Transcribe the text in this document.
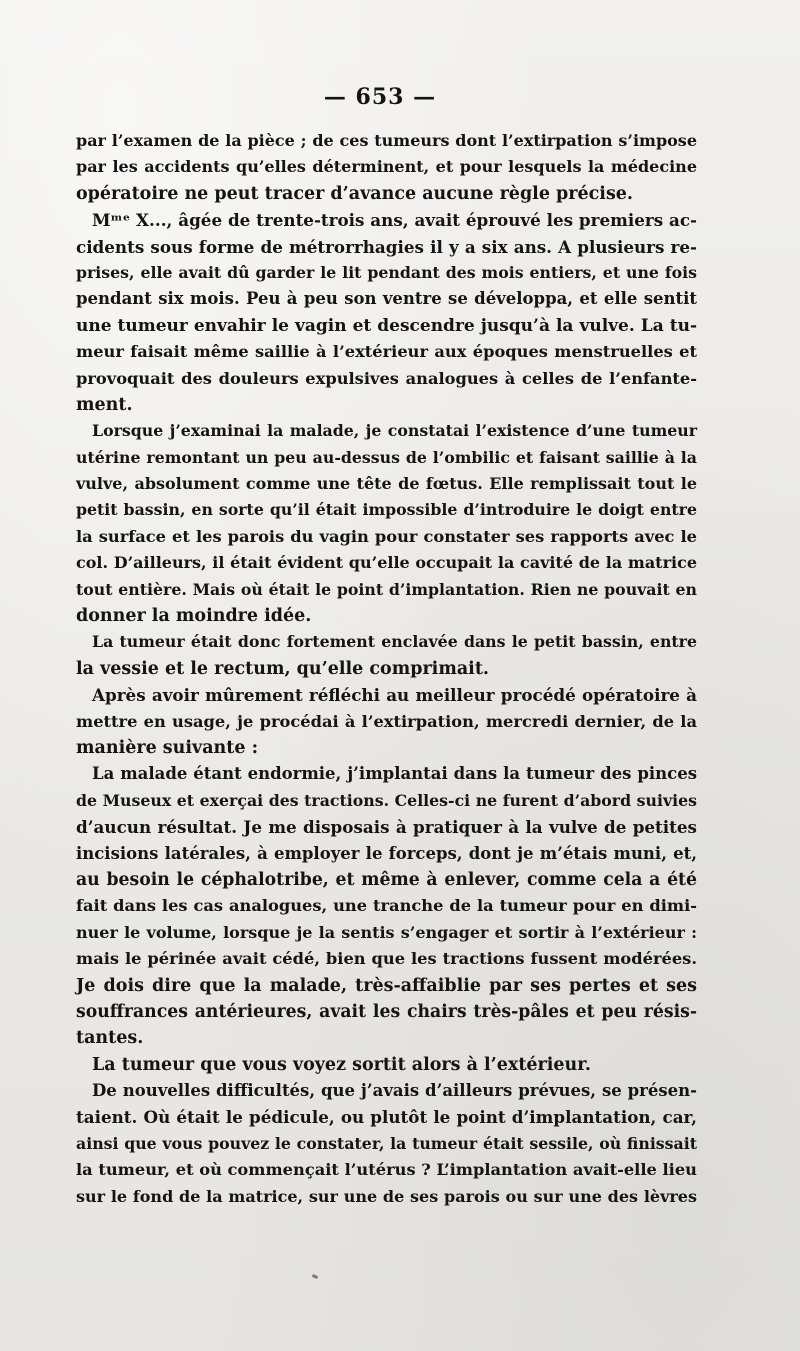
— 653 —
par l’examen de la pièce ; de ces tumeurs dont l’extirpation s’impose
par les accidents qu’elles déterminent, et pour lesquels la médecine
opératoire ne peut tracer d’avance aucune règle précise.
Mᵐᵉ X..., âgée de trente-trois ans, avait éprouvé les premiers ac-
cidents sous forme de métrorrhagies il y a six ans. A plusieurs re-
prises, elle avait dû garder le lit pendant des mois entiers, et une fois
pendant six mois. Peu à peu son ventre se développa, et elle sentit
une tumeur envahir le vagin et descendre jusqu’à la vulve. La tu-
meur faisait même saillie à l’extérieur aux époques menstruelles et
provoquait des douleurs expulsives analogues à celles de l’enfante-
ment.
Lorsque j’examinai la malade, je constatai l’existence d’une tumeur
utérine remontant un peu au-dessus de l’ombilic et faisant saillie à la
vulve, absolument comme une tête de fœtus. Elle remplissait tout le
petit bassin, en sorte qu’il était impossible d’introduire le doigt entre
la surface et les parois du vagin pour constater ses rapports avec le
col. D’ailleurs, il était évident qu’elle occupait la cavité de la matrice
tout entière. Mais où était le point d’implantation. Rien ne pouvait en
donner la moindre idée.
La tumeur était donc fortement enclavée dans le petit bassin, entre
la vessie et le rectum, qu’elle comprimait.
Après avoir mûrement réfléchi au meilleur procédé opératoire à
mettre en usage, je procédai à l’extirpation, mercredi dernier, de la
manière suivante :
La malade étant endormie, j’implantai dans la tumeur des pinces
de Museux et exerçai des tractions. Celles-ci ne furent d’abord suivies
d’aucun résultat. Je me disposais à pratiquer à la vulve de petites
incisions latérales, à employer le forceps, dont je m’étais muni, et,
au besoin le céphalotribe, et même à enlever, comme cela a été
fait dans les cas analogues, une tranche de la tumeur pour en dimi-
nuer le volume, lorsque je la sentis s’engager et sortir à l’extérieur :
mais le périnée avait cédé, bien que les tractions fussent modérées.
Je dois dire que la malade, très-affaiblie par ses pertes et ses
souffrances antérieures, avait les chairs très-pâles et peu résis-
tantes.
La tumeur que vous voyez sortit alors à l’extérieur.
De nouvelles difficultés, que j’avais d’ailleurs prévues, se présen-
taient. Où était le pédicule, ou plutôt le point d’implantation, car,
ainsi que vous pouvez le constater, la tumeur était sessile, où finissait
la tumeur, et où commençait l’utérus ? L’implantation avait-elle lieu
sur le fond de la matrice, sur une de ses parois ou sur une des lèvres
